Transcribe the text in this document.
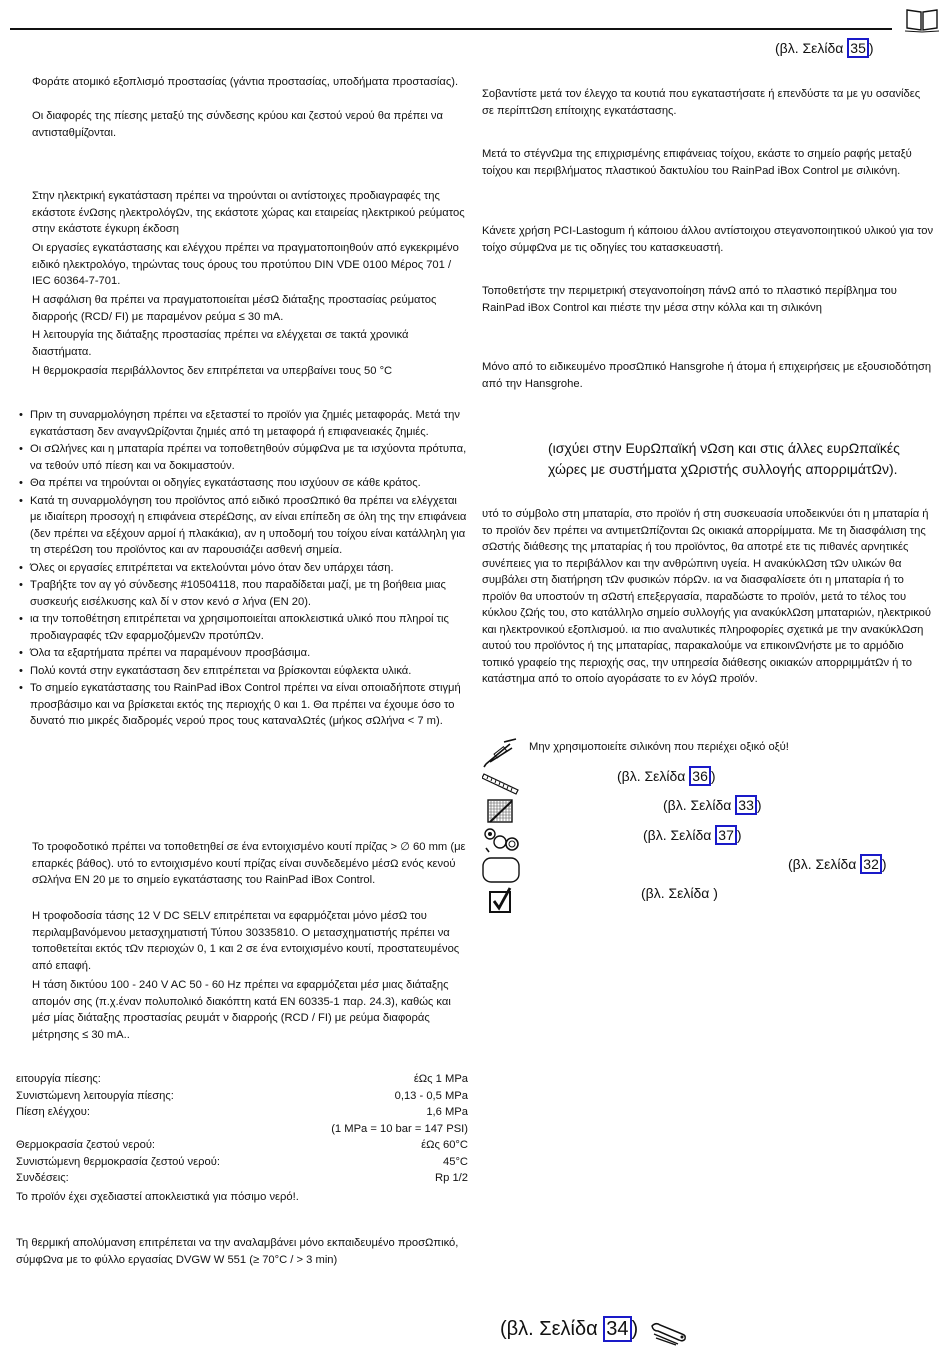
(βλ. Σελίδα 35 )

Φοράτε ατομικό εξοπλισμό προστασίας (γάντια προστασίας, υποδήματα προστασίας).

Οι διαφορές της πίεσης μεταξύ της σύνδεσης κρύου και ζεστού νερού θα πρέπει να αντισταθμίζονται.

Στην ηλεκτρική εγκατάσταση πρέπει να τηρούνται οι αντίστοιχες προδιαγραφές της εκάστοτε ένΩσης ηλεκτρολόγΩν, της εκάστοτε χώρας και εταιρείας ηλεκτρικού ρεύματος στην εκάστοτε έγκυρη έκδοση

Οι εργασίες εγκατάστασης και ελέγχου πρέπει να πραγματοποιηθούν από εγκεκριμένο ειδικό ηλεκτρολόγο, τηρώντας τους όρους του προτύπου DIN VDE 0100 Μέρος 701 / IEC 60364-7-701.

Η ασφάλιση θα πρέπει να πραγματοποιείται μέσΩ διάταξης προστασίας ρεύματος διαρροής (RCD/ FI) με παραμένον ρεύμα ≤ 30 mA.

Η λειτουργία της διάταξης προστασίας πρέπει να ελέγχεται σε τακτά χρονικά διαστήματα.

Η θερμοκρασία περιβάλλοντος δεν επιτρέπεται να υπερβαίνει τους 50 °C

• Πριν τη συναρμολόγηση πρέπει να εξεταστεί το προϊόν για ζημιές μεταφοράς. Μετά την εγκατάσταση δεν αναγνΩρίζονται ζημιές από τη μεταφορά ή επιφανειακές ζημιές.
• Οι σΩλήνες και η μπαταρία πρέπει να τοποθετηθούν σύμφΩνα με τα ισχύοντα πρότυπα, να τεθούν υπό πίεση και να δοκιμαστούν.
• Θα πρέπει να τηρούνται οι οδηγίες εγκατάστασης που ισχύουν σε κάθε κράτος.
• Κατά τη συναρμολόγηση του προϊόντος από ειδικό προσΩπικό θα πρέπει να ελέγχεται με ιδιαίτερη προσοχή η επιφάνεια στερέΩσης, αν είναι επίπεδη σε όλη της την επιφάνεια (δεν πρέπει να εξέχουν αρμοί ή πλακάκια), αν η υποδομή του τοίχου είναι κατάλληλη για τη στερέΩση του προϊόντος και αν παρουσιάζει ασθενή σημεία.
• Όλες οι εργασίες επιτρέπεται να εκτελούνται μόνο όταν δεν υπάρχει τάση.
• Τραβήξτε τον αγ γό σύνδεσης #10504118, που παραδίδεται μαζί, με τη βοήθεια μιας συσκευής εισέλκυσης καλ δί ν στον κενό σ λήνα (EN 20).
• ια την τοποθέτηση επιτρέπεται να χρησιμοποιείται αποκλειστικά υλικό που πληροί τις προδιαγραφές τΩν εφαρμοζόμενΩν προτύπΩν.
• Όλα τα εξαρτήματα πρέπει να παραμένουν προσβάσιμα.
• Πολύ κοντά στην εγκατάσταση δεν επιτρέπεται να βρίσκονται εύφλεκτα υλικά.
• Το σημείο εγκατάστασης του RainPad iBox Control πρέπει να είναι οποιαδήποτε στιγμή προσβάσιμο και να βρίσκεται εκτός της περιοχής 0 και 1. Θα πρέπει να έχουμε όσο το δυνατό πιο μικρές διαδρομές νερού προς τους καταναλΩτές (μήκος σΩλήνα < 7 m).

Το τροφοδοτικό πρέπει να τοποθετηθεί σε ένα εντοιχισμένο κουτί πρίζας > ∅ 60 mm (με επαρκές βάθος). υτό το εντοιχισμένο κουτί πρίζας είναι συνδεδεμένο μέσΩ ενός κενού σΩλήνα EN 20 με το σημείο εγκατάστασης του RainPad iBox Control.

Η τροφοδοσία τάσης 12 V DC SELV επιτρέπεται να εφαρμόζεται μόνο μέσΩ του περιλαμβανόμενου μετασχηματιστή Τύπου 30335810. Ο μετασχηματιστής πρέπει να τοποθετείται εκτός τΩν περιοχών 0, 1 και 2 σε ένα εντοιχισμένο κουτί, προστατευμένος από επαφή.

Η τάση δικτύου 100 - 240 V AC 50 - 60 Hz πρέπει να εφαρμόζεται μέσ μιας διάταξης απομόν σης (π.χ.έναν πολυπολικό διακόπτη κατά EN 60335-1 παρ. 24.3), καθώς και μέσ μίας διάταξης προστασίας ρευμάτ ν διαρροής (RCD / FI) με ρεύμα διαφοράς μέτρησης ≤ 30 mA..

ειτουργία πίεσης:	έΩς 1 MPa
Συνιστώμενη λειτουργία πίεσης:	0,13 - 0,5 MPa
Πίεση ελέγχου:	1,6 MPa
(1 MPa = 10 bar = 147 PSI)
Θερμοκρασία ζεστού νερού:	έΩς 60°C
Συνιστώμενη θερμοκρασία ζεστού νερού:	45°C
Συνδέσεις:	Rp 1/2
Το προϊόν έχει σχεδιαστεί αποκλειστικά για πόσιμο νερό!.

Τη θερμική απολύμανση επιτρέπεται να την αναλαμβάνει μόνο εκπαιδευμένο προσΩπικό, σύμφΩνα με το φύλλο εργασίας DVGW W 551 (≥ 70°C / > 3 min)

Σοβαντίστε μετά τον έλεγχο τα κουτιά που εγκαταστήσατε ή επενδύστε τα με γυ οσανίδες σε περίπτΩση επίτοιχης εγκατάστασης.

Μετά το στέγνΩμα της επιχρισμένης επιφάνειας τοίχου, εκάστε το σημείο ραφής μεταξύ τοίχου και περιβλήματος πλαστικού δακτυλίου του RainPad iBox Control με σιλικόνη.

Κάνετε χρήση PCI-Lastogum ή κάποιου άλλου αντίστοιχου στεγανοποιητικού υλικού για τον τοίχο σύμφΩνα με τις οδηγίες του κατασκευαστή.

Τοποθετήστε την περιμετρική στεγανοποίηση πάνΩ από το πλαστικό περίβλημα του RainPad iBox Control και πιέστε την μέσα στην κόλλα και τη σιλικόνη

Μόνο από το ειδικευμένο προσΩπικό Hansgrohe ή άτομα ή επιχειρήσεις με εξουσιοδότηση από την Hansgrohe.

(ισχύει στην ΕυρΩπαϊκή νΩση και στις άλλες ευρΩπαϊκές χώρες με συστήματα χΩριστής συλλογής απορριμάτΩν).

υτό το σύμβολο στη μπαταρία, στο προϊόν ή στη συσκευασία υποδεικνύει ότι η μπαταρία ή το προϊόν δεν πρέπει να αντιμετΩπίζονται Ως οικιακά απορρίμματα. Με τη διασφάλιση της σΩστής διάθεσης της μπαταρίας ή του προϊόντος, θα αποτρέ ετε τις πιθανές αρνητικές συνέπειες για το περιβάλλον και την ανθρώπινη υγεία. Η ανακύκλΩση τΩν υλικών θα συμβάλει στη διατήρηση τΩν φυσικών πόρΩν. ια να διασφαλίσετε ότι η μπαταρία ή το προϊόν θα υποστούν τη σΩστή επεξεργασία, παραδώστε το προϊόν, μετά το τέλος του κύκλου ζΩής του, στο κατάλληλο σημείο συλλογής για ανακύκλΩση μπαταριών, ηλεκτρικού και ηλεκτρονικού εξοπλισμού. ια πιο αναλυτικές πληροφορίες σχετικά με την ανακύκλΩση αυτού του προϊόντος ή της μπαταρίας, παρακαλούμε να επικοινΩνήστε με το αρμόδιο τοπικό γραφείο της περιοχής σας, την υπηρεσία διάθεσης οικιακών απορριμμάτΩν ή το κατάστημα από το οποίο αγοράσατε το εν λόγΩ προϊόν.

Μην χρησιμοποιείτε σιλικόνη που περιέχει οξικό οξύ!

(βλ. Σελίδα 36 )
(βλ. Σελίδα 33 )
(βλ. Σελίδα 37 )
(βλ. Σελίδα 32 )
(βλ. Σελίδα )
(βλ. Σελίδα 34 )
